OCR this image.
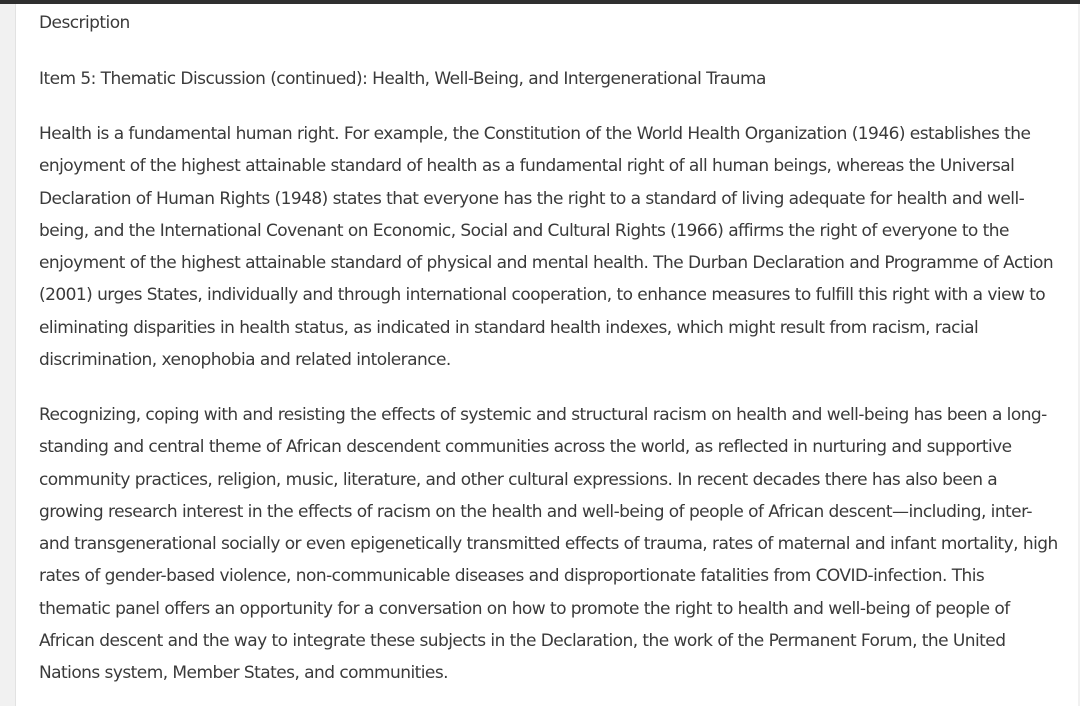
Description
Item 5: Thematic Discussion (continued): Health, Well-Being, and Intergenerational Trauma

Health is a fundamental human right. For example, the Constitution of the World Health Organization (1946) establishes the enjoyment of the highest attainable standard of health as a fundamental right of all human beings, whereas the Universal Declaration of Human Rights (1948) states that everyone has the right to a standard of living adequate for health and well-being, and the International Covenant on Economic, Social and Cultural Rights (1966) affirms the right of everyone to the enjoyment of the highest attainable standard of physical and mental health. The Durban Declaration and Programme of Action (2001) urges States, individually and through international cooperation, to enhance measures to fulfill this right with a view to eliminating disparities in health status, as indicated in standard health indexes, which might result from racism, racial discrimination, xenophobia and related intolerance.

Recognizing, coping with and resisting the effects of systemic and structural racism on health and well-being has been a long-standing and central theme of African descendent communities across the world, as reflected in nurturing and supportive community practices, religion, music, literature, and other cultural expressions. In recent decades there has also been a growing research interest in the effects of racism on the health and well-being of people of African descent—including, inter- and transgenerational socially or even epigenetically transmitted effects of trauma, rates of maternal and infant mortality, high rates of gender-based violence, non-communicable diseases and disproportionate fatalities from COVID-infection. This thematic panel offers an opportunity for a conversation on how to promote the right to health and well-being of people of African descent and the way to integrate these subjects in the Declaration, the work of the Permanent Forum, the United Nations system, Member States, and communities.
